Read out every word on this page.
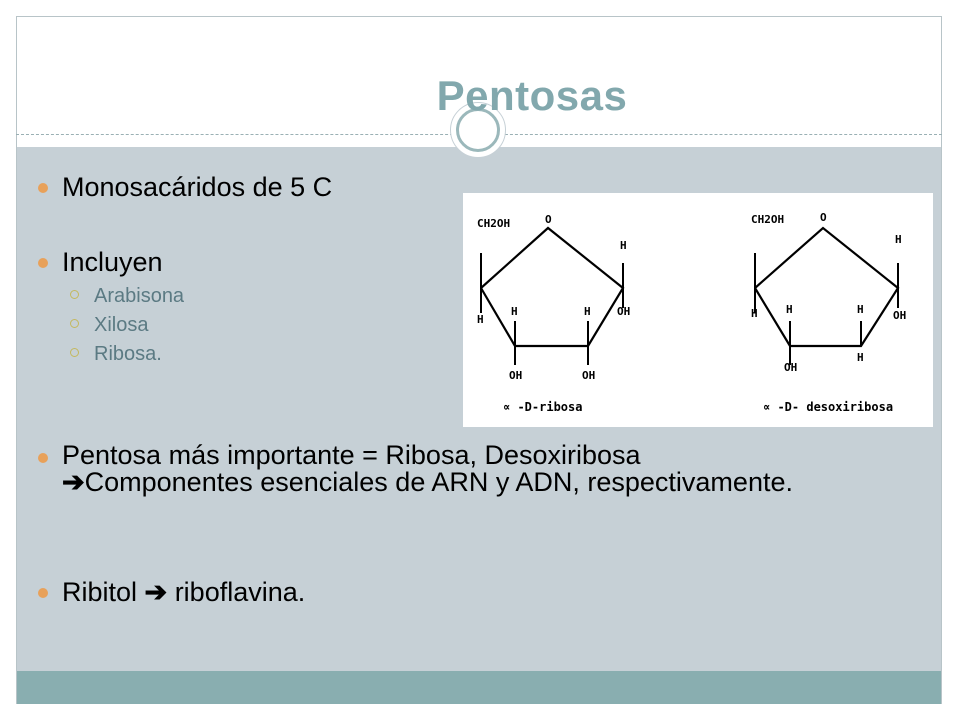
Pentosas
Monosacáridos de 5 C
Incluyen
Arabisona
Xilosa
Ribosa.
Pentosa más importante = Ribosa, Desoxiribosa
➔Componentes esenciales de ARN y ADN, respectivamente.
Ribitol ➔ riboflavina.
CH2OH	O
H
OH
H
H	H
OH	OH
∝ -D-ribosa
CH2OH	O
H
OH
H	H	H
OH
H
∝ -D- desoxiribosa
